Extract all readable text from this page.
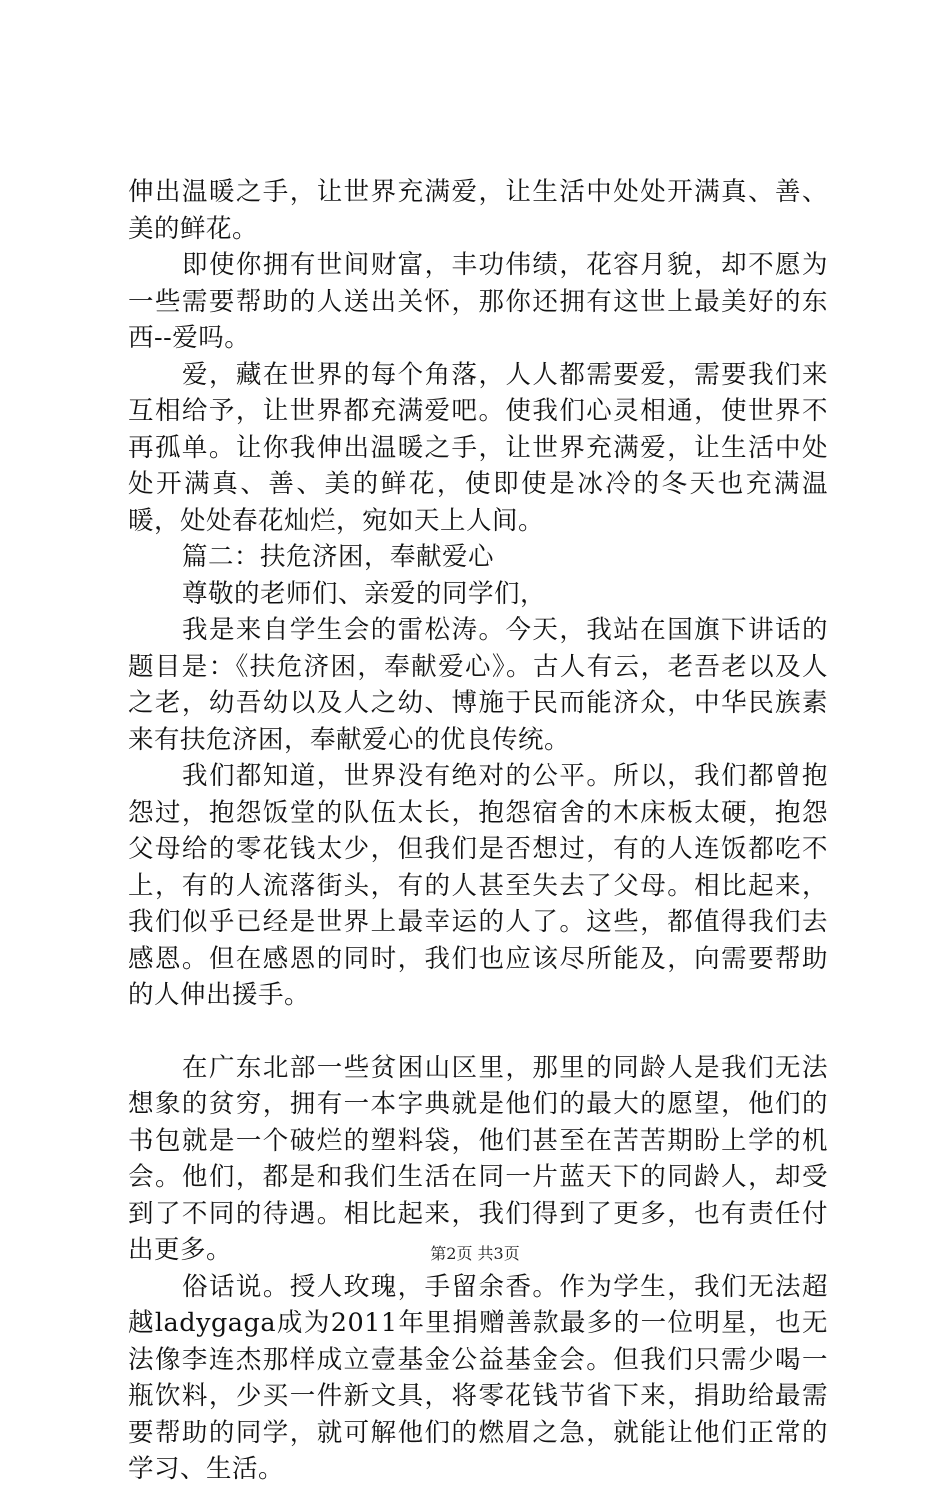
伸出温暖之手，让世界充满爱，让生活中处处开满真、善、美的鲜花。

即使你拥有世间财富，丰功伟绩，花容月貌，却不愿为一些需要帮助的人送出关怀，那你还拥有这世上最美好的东西--爱吗。

爱，藏在世界的每个角落，人人都需要爱，需要我们来互相给予，让世界都充满爱吧。使我们心灵相通，使世界不再孤单。让你我伸出温暖之手，让世界充满爱，让生活中处处开满真、善、美的鲜花，使即使是冰冷的冬天也充满温暖，处处春花灿烂，宛如天上人间。

篇二：扶危济困，奉献爱心

尊敬的老师们、亲爱的同学们，

我是来自学生会的雷松涛。今天，我站在国旗下讲话的题目是：《扶危济困，奉献爱心》。古人有云，老吾老以及人之老，幼吾幼以及人之幼、博施于民而能济众，中华民族素来有扶危济困，奉献爱心的优良传统。

我们都知道，世界没有绝对的公平。所以，我们都曾抱怨过，抱怨饭堂的队伍太长，抱怨宿舍的木床板太硬，抱怨父母给的零花钱太少，但我们是否想过，有的人连饭都吃不上，有的人流落街头，有的人甚至失去了父母。相比起来，我们似乎已经是世界上最幸运的人了。这些，都值得我们去感恩。但在感恩的同时，我们也应该尽所能及，向需要帮助的人伸出援手。

在广东北部一些贫困山区里，那里的同龄人是我们无法想象的贫穷，拥有一本字典就是他们的最大的愿望，他们的书包就是一个破烂的塑料袋，他们甚至在苦苦期盼上学的机会。他们，都是和我们生活在同一片蓝天下的同龄人，却受到了不同的待遇。相比起来，我们得到了更多，也有责任付出更多。

俗话说。授人玫瑰，手留余香。作为学生，我们无法超越ladygaga成为2011年里捐赠善款最多的一位明星，也无法像李连杰那样成立壹基金公益基金会。但我们只需少喝一瓶饮料，少买一件新文具，将零花钱节省下来，捐助给最需要帮助的同学，就可解他们的燃眉之急，就能让他们正常的学习、生活。

第2页 共3页
